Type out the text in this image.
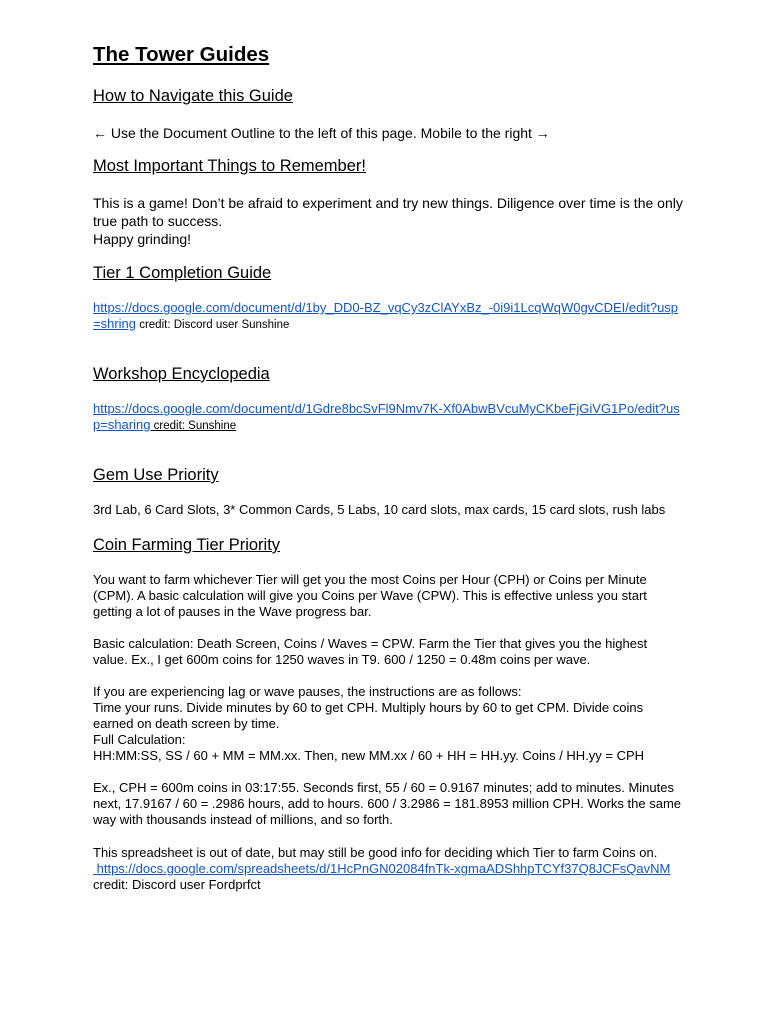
The Tower Guides
How to Navigate this Guide

← Use the Document Outline to the left of this page. Mobile to the right →

Most Important Things to Remember!

This is a game! Don’t be afraid to experiment and try new things. Diligence over time is the only true path to success.

Happy grinding!

Tier 1 Completion Guide

https://docs.google.com/document/d/1by_DD0-BZ_vqCy3zClAYxBz_-0i9i1LcqWqW0gvCDEI/edit?usp=shring credit: Discord user Sunshine

Workshop Encyclopedia

https://docs.google.com/document/d/1Gdre8bcSvFl9Nmv7K-Xf0AbwBVcuMyCKbeFjGiVG1Po/edit?usp=sharing credit: Sunshine

Gem Use Priority

3rd Lab, 6 Card Slots, 3* Common Cards, 5 Labs, 10 card slots, max cards, 15 card slots, rush labs

Coin Farming Tier Priority

You want to farm whichever Tier will get you the most Coins per Hour (CPH) or Coins per Minute (CPM). A basic calculation will give you Coins per Wave (CPW). This is effective unless you start getting a lot of pauses in the Wave progress bar.

Basic calculation: Death Screen, Coins / Waves = CPW. Farm the Tier that gives you the highest value. Ex., I get 600m coins for 1250 waves in T9. 600 / 1250 = 0.48m coins per wave.

If you are experiencing lag or wave pauses, the instructions are as follows:

Time your runs. Divide minutes by 60 to get CPH. Multiply hours by 60 to get CPM. Divide coins earned on death screen by time.

Full Calculation:

HH:MM:SS, SS / 60 + MM = MM.xx. Then, new MM.xx / 60 + HH = HH.yy. Coins / HH.yy = CPH

Ex., CPH = 600m coins in 03:17:55. Seconds first, 55 / 60 = 0.9167 minutes; add to minutes. Minutes next, 17.9167 / 60 = .2986 hours, add to hours. 600 / 3.2986 = 181.8953 million CPH. Works the same way with thousands instead of millions, and so forth.

This spreadsheet is out of date, but may still be good info for deciding which Tier to farm Coins on.

https://docs.google.com/spreadsheets/d/1HcPnGN02084fnTk-xgmaADShhpTCYf37Q8JCFsQavNM

credit: Discord user Fordprfct
